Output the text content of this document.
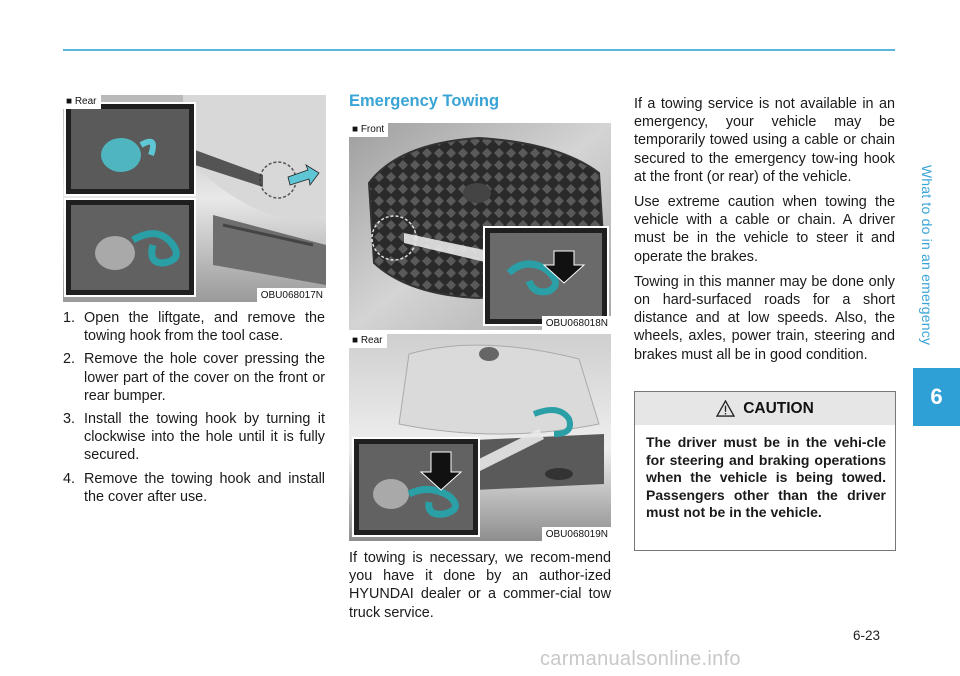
What to do in an emergency
6
■ Rear
OBU068017N
1. Open the liftgate, and remove the towing hook from the tool case.
2. Remove the hole cover pressing the lower part of the cover on the front or rear bumper.
3. Install the towing hook by turning it clockwise into the hole until it is fully secured.
4. Remove the towing hook and install the cover after use.
Emergency Towing
■ Front
OBU068018N
■ Rear
OBU068019N

If towing is necessary, we recom-mend you have it done by an author-ized HYUNDAI dealer or a commer-cial tow truck service.

If a towing service is not available in an emergency, your vehicle may be temporarily towed using a cable or chain secured to the emergency tow-ing hook at the front (or rear) of the vehicle.

Use extreme caution when towing the vehicle with a cable or chain. A driver must be in the vehicle to steer it and operate the brakes.

Towing in this manner may be done only on hard-surfaced roads for a short distance and at low speeds. Also, the wheels, axles, power train, steering and brakes must all be in good condition.

CAUTION
The driver must be in the vehi-cle for steering and braking operations when the vehicle is being towed. Passengers other than the driver must not be in the vehicle.
6-23
carmanualsonline.info
